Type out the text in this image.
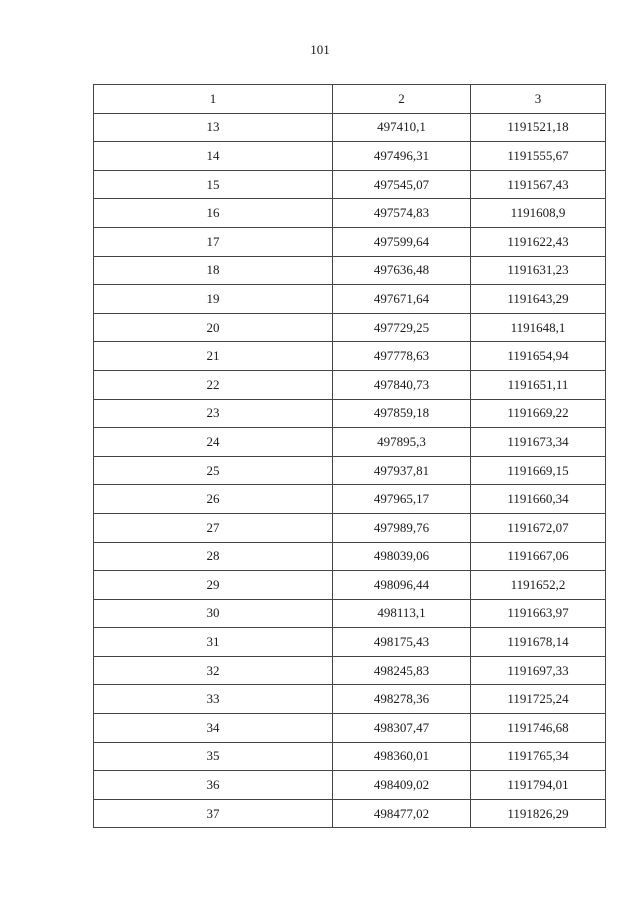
101
1	2	3
13	497410,1	1191521,18
14	497496,31	1191555,67
15	497545,07	1191567,43
16	497574,83	1191608,9
17	497599,64	1191622,43
18	497636,48	1191631,23
19	497671,64	1191643,29
20	497729,25	1191648,1
21	497778,63	1191654,94
22	497840,73	1191651,11
23	497859,18	1191669,22
24	497895,3	1191673,34
25	497937,81	1191669,15
26	497965,17	1191660,34
27	497989,76	1191672,07
28	498039,06	1191667,06
29	498096,44	1191652,2
30	498113,1	1191663,97
31	498175,43	1191678,14
32	498245,83	1191697,33
33	498278,36	1191725,24
34	498307,47	1191746,68
35	498360,01	1191765,34
36	498409,02	1191794,01
37	498477,02	1191826,29
